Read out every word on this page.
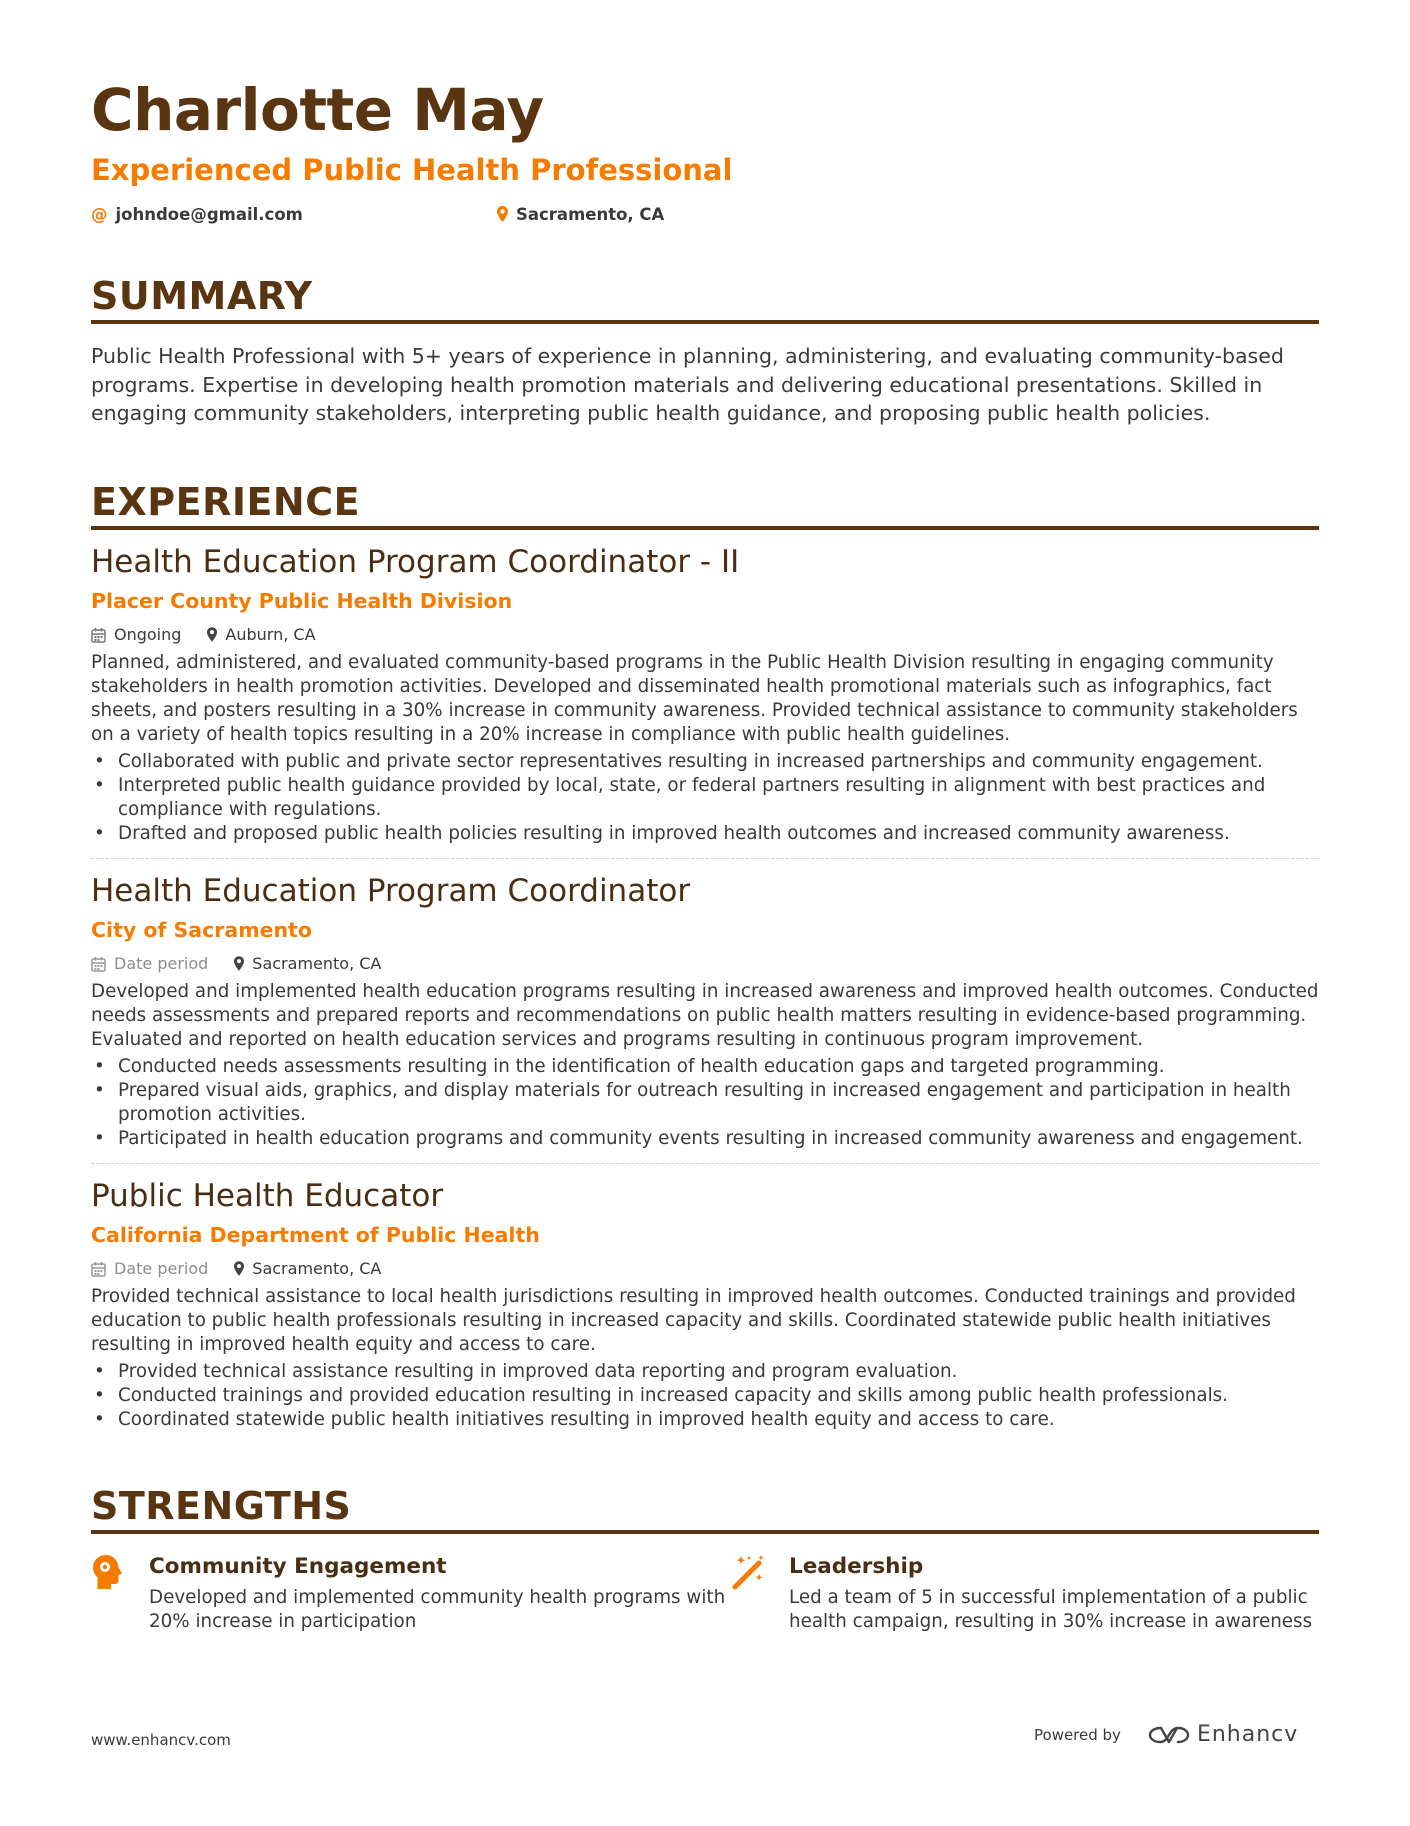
Charlotte May
Experienced Public Health Professional
@ johndoe@gmail.com	Sacramento, CA
SUMMARY
Public Health Professional with 5+ years of experience in planning, administering, and evaluating community-based programs. Expertise in developing health promotion materials and delivering educational presentations. Skilled in engaging community stakeholders, interpreting public health guidance, and proposing public health policies.
EXPERIENCE
Health Education Program Coordinator - II
Placer County Public Health Division
Ongoing	Auburn, CA
Planned, administered, and evaluated community-based programs in the Public Health Division resulting in engaging community stakeholders in health promotion activities. Developed and disseminated health promotional materials such as infographics, fact sheets, and posters resulting in a 30% increase in community awareness. Provided technical assistance to community stakeholders on a variety of health topics resulting in a 20% increase in compliance with public health guidelines.
• Collaborated with public and private sector representatives resulting in increased partnerships and community engagement.
• Interpreted public health guidance provided by local, state, or federal partners resulting in alignment with best practices and compliance with regulations.
• Drafted and proposed public health policies resulting in improved health outcomes and increased community awareness.
Health Education Program Coordinator
City of Sacramento
Date period	Sacramento, CA
Developed and implemented health education programs resulting in increased awareness and improved health outcomes. Conducted needs assessments and prepared reports and recommendations on public health matters resulting in evidence-based programming. Evaluated and reported on health education services and programs resulting in continuous program improvement.
• Conducted needs assessments resulting in the identification of health education gaps and targeted programming.
• Prepared visual aids, graphics, and display materials for outreach resulting in increased engagement and participation in health promotion activities.
• Participated in health education programs and community events resulting in increased community awareness and engagement.
Public Health Educator
California Department of Public Health
Date period	Sacramento, CA
Provided technical assistance to local health jurisdictions resulting in improved health outcomes. Conducted trainings and provided education to public health professionals resulting in increased capacity and skills. Coordinated statewide public health initiatives resulting in improved health equity and access to care.
• Provided technical assistance resulting in improved data reporting and program evaluation.
• Conducted trainings and provided education resulting in increased capacity and skills among public health professionals.
• Coordinated statewide public health initiatives resulting in improved health equity and access to care.
STRENGTHS
Community Engagement
Developed and implemented community health programs with 20% increase in participation
Leadership
Led a team of 5 in successful implementation of a public health campaign, resulting in 30% increase in awareness
www.enhancv.com	Powered by	Enhancv
